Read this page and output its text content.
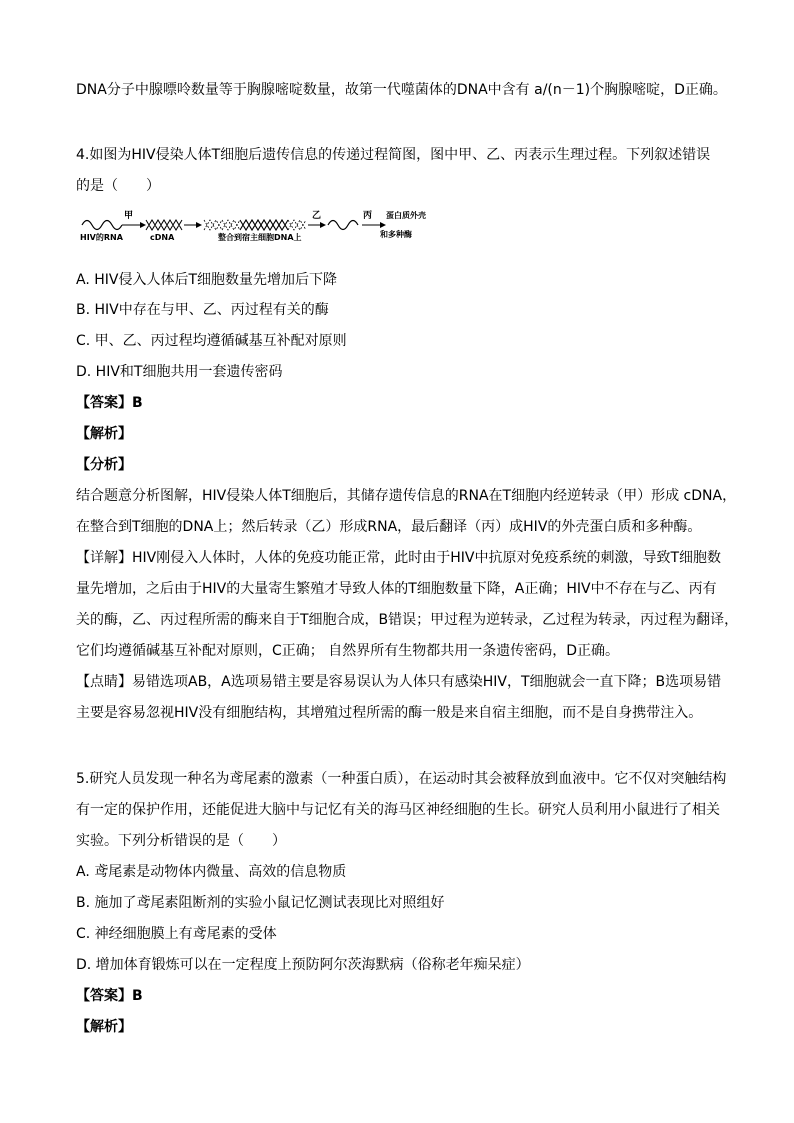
DNA分子中腺嘌呤数量等于胸腺嘧啶数量，故第一代噬菌体的DNA中含有 a/(n－1)个胸腺嘧啶，D正确。
4.如图为HIV侵染人体T细胞后遗传信息的传递过程简图，图中甲、乙、丙表示生理过程。下列叙述错误
的是（　　）
甲	乙	丙
HIV的RNA	cDNA	整合到宿主细胞DNA上
蛋白质外壳
和多种酶
A. HIV侵入人体后T细胞数量先增加后下降
B. HIV中存在与甲、乙、丙过程有关的酶
C. 甲、乙、丙过程均遵循碱基互补配对原则
D. HIV和T细胞共用一套遗传密码
【答案】B
【解析】
【分析】
结合题意分析图解，HIV侵染人体T细胞后，其储存遗传信息的RNA在T细胞内经逆转录（甲）形成 cDNA，
在整合到T细胞的DNA上；然后转录（乙）形成RNA，最后翻译（丙）成HIV的外壳蛋白质和多种酶。
【详解】HIV刚侵入人体时，人体的免疫功能正常，此时由于HIV中抗原对免疫系统的刺激，导致T细胞数
量先增加，之后由于HIV的大量寄生繁殖才导致人体的T细胞数量下降，A正确；HIV中不存在与乙、丙有
关的酶，乙、丙过程所需的酶来自于T细胞合成，B错误；甲过程为逆转录，乙过程为转录，丙过程为翻译，
它们均遵循碱基互补配对原则，C正确； 自然界所有生物都共用一条遗传密码，D正确。
【点睛】易错选项AB，A选项易错主要是容易误认为人体只有感染HIV，T细胞就会一直下降；B选项易错
主要是容易忽视HIV没有细胞结构，其增殖过程所需的酶一般是来自宿主细胞，而不是自身携带注入。
5.研究人员发现一种名为鸢尾素的激素（一种蛋白质），在运动时其会被释放到血液中。它不仅对突触结构
有一定的保护作用，还能促进大脑中与记忆有关的海马区神经细胞的生长。研究人员利用小鼠进行了相关
实验。下列分析错误的是（　　）
A. 鸢尾素是动物体内微量、高效的信息物质
B. 施加了鸢尾素阻断剂的实验小鼠记忆测试表现比对照组好
C. 神经细胞膜上有鸢尾素的受体
D. 增加体育锻炼可以在一定程度上预防阿尔茨海默病（俗称老年痴呆症）
【答案】B
【解析】
